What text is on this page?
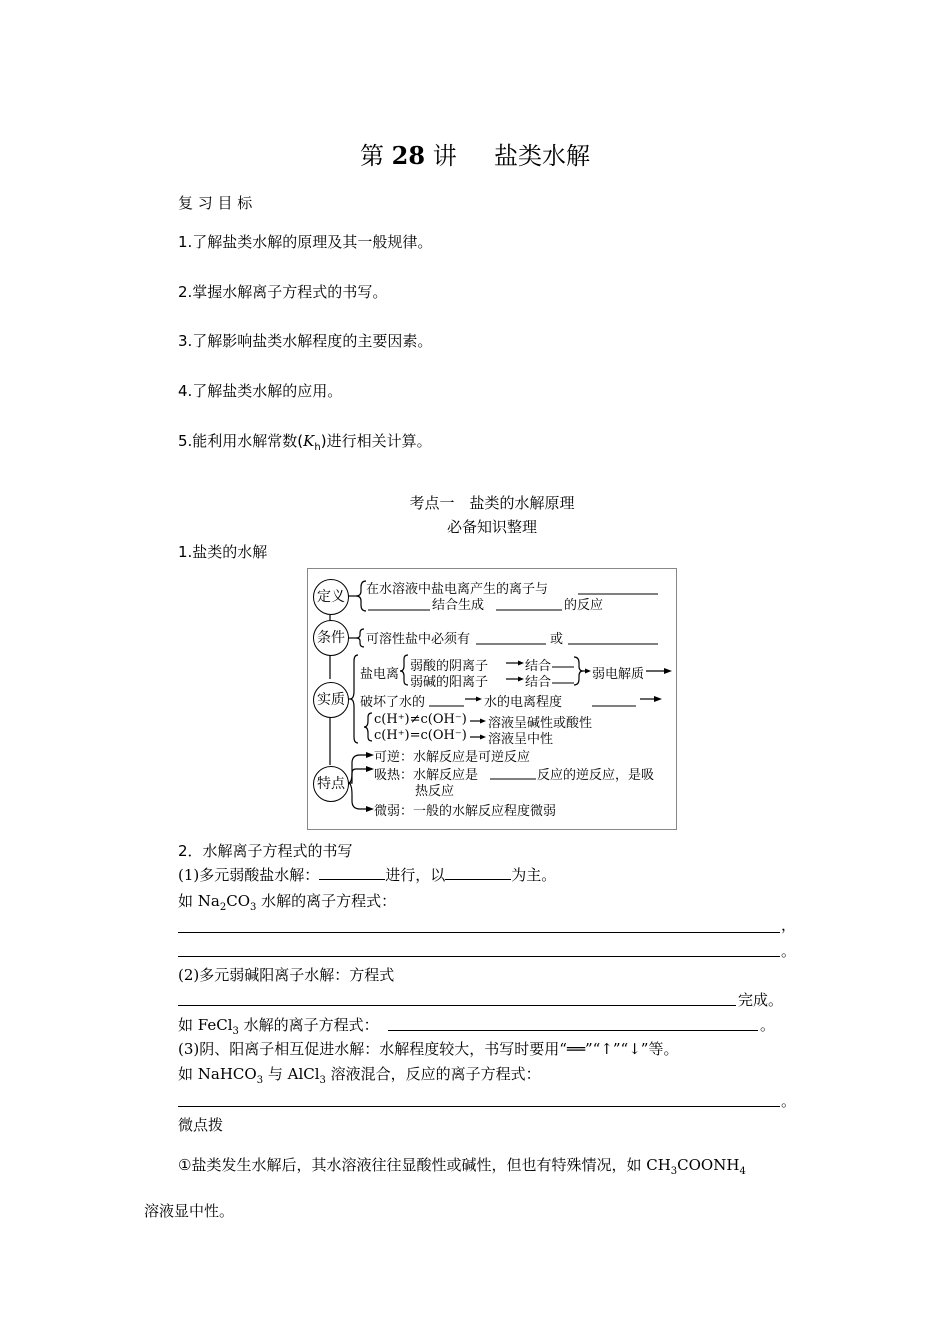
第 28 讲 盐类水解
复 习 目 标
1.了解盐类水解的原理及其一般规律。
2.掌握水解离子方程式的书写。
3.了解影响盐类水解程度的主要因素。
4.了解盐类水解的应用。
5.能利用水解常数$(K_h)$进行相关计算。
考点一　盐类的水解原理
必备知识整理
1.盐类的水解
定义
条件
实质
特点
在水溶液中盐电离产生的离子与
结合生成	的反应
可溶性盐中必须有	或
盐电离
弱酸的阴离子
弱碱的阳离子
结合
结合
弱电解质
破坏了水的	水的电离程度
c(H⁺)≠c(OH⁻) 溶液呈碱性或酸性
c(H⁺)=c(OH⁻) 溶液呈中性
可逆：水解反应是可逆反应
吸热：水解反应是	反应的逆反应，是吸
热反应
微弱：一般的水解反应程度微弱
2．水解离子方程式的书写
(1)多元弱酸盐水解：	进行，以	为主。
如 $Na_2CO_3$ 水解的离子方程式：
，
。
(2)多元弱碱阳离子水解：方程式
完成。
如 FeCl$_3$ 水解的离子方程式：	。
(3)阴、阳离子相互促进水解：水解程度较大，书写时要用“══”“↑”“↓”等。
如 NaHCO$_3$ 与 AlCl$_3$ 溶液混合，反应的离子方程式：
。
微点拨
①盐类发生水解后，其水溶液往往显酸性或碱性，但也有特殊情况，如 $CH_3COONH_4$
溶液显中性。
